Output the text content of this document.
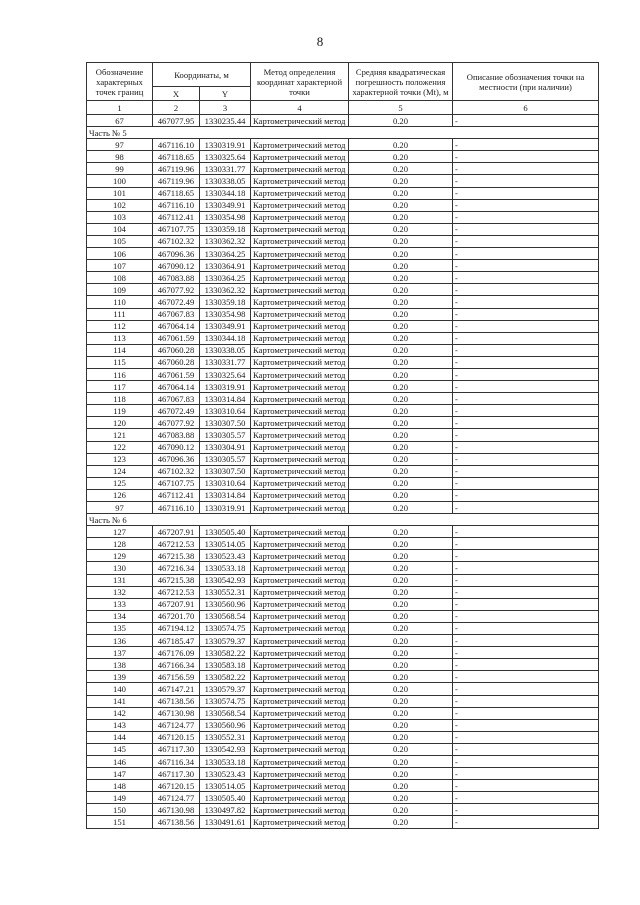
8
Обозначение характерных точек границ	Координаты, м		Метод определения координат характерной точки	Средняя квадратическая погрешность положения характерной точки (Mt), м	Описание обозначения точки на местности (при наличии)
	X	Y			
1	2	3	4	5	6
67	467077.95	1330235.44	Картометрический метод	0.20	-
Часть № 5					
97	467116.10	1330319.91	Картометрический метод	0.20	-
98	467118.65	1330325.64	Картометрический метод	0.20	-
99	467119.96	1330331.77	Картометрический метод	0.20	-
100	467119.96	1330338.05	Картометрический метод	0.20	-
101	467118.65	1330344.18	Картометрический метод	0.20	-
102	467116.10	1330349.91	Картометрический метод	0.20	-
103	467112.41	1330354.98	Картометрический метод	0.20	-
104	467107.75	1330359.18	Картометрический метод	0.20	-
105	467102.32	1330362.32	Картометрический метод	0.20	-
106	467096.36	1330364.25	Картометрический метод	0.20	-
107	467090.12	1330364.91	Картометрический метод	0.20	-
108	467083.88	1330364.25	Картометрический метод	0.20	-
109	467077.92	1330362.32	Картометрический метод	0.20	-
110	467072.49	1330359.18	Картометрический метод	0.20	-
111	467067.83	1330354.98	Картометрический метод	0.20	-
112	467064.14	1330349.91	Картометрический метод	0.20	-
113	467061.59	1330344.18	Картометрический метод	0.20	-
114	467060.28	1330338.05	Картометрический метод	0.20	-
115	467060.28	1330331.77	Картометрический метод	0.20	-
116	467061.59	1330325.64	Картометрический метод	0.20	-
117	467064.14	1330319.91	Картометрический метод	0.20	-
118	467067.83	1330314.84	Картометрический метод	0.20	-
119	467072.49	1330310.64	Картометрический метод	0.20	-
120	467077.92	1330307.50	Картометрический метод	0.20	-
121	467083.88	1330305.57	Картометрический метод	0.20	-
122	467090.12	1330304.91	Картометрический метод	0.20	-
123	467096.36	1330305.57	Картометрический метод	0.20	-
124	467102.32	1330307.50	Картометрический метод	0.20	-
125	467107.75	1330310.64	Картометрический метод	0.20	-
126	467112.41	1330314.84	Картометрический метод	0.20	-
97	467116.10	1330319.91	Картометрический метод	0.20	-
Часть № 6					
127	467207.91	1330505.40	Картометрический метод	0.20	-
128	467212.53	1330514.05	Картометрический метод	0.20	-
129	467215.38	1330523.43	Картометрический метод	0.20	-
130	467216.34	1330533.18	Картометрический метод	0.20	-
131	467215.38	1330542.93	Картометрический метод	0.20	-
132	467212.53	1330552.31	Картометрический метод	0.20	-
133	467207.91	1330560.96	Картометрический метод	0.20	-
134	467201.70	1330568.54	Картометрический метод	0.20	-
135	467194.12	1330574.75	Картометрический метод	0.20	-
136	467185.47	1330579.37	Картометрический метод	0.20	-
137	467176.09	1330582.22	Картометрический метод	0.20	-
138	467166.34	1330583.18	Картометрический метод	0.20	-
139	467156.59	1330582.22	Картометрический метод	0.20	-
140	467147.21	1330579.37	Картометрический метод	0.20	-
141	467138.56	1330574.75	Картометрический метод	0.20	-
142	467130.98	1330568.54	Картометрический метод	0.20	-
143	467124.77	1330560.96	Картометрический метод	0.20	-
144	467120.15	1330552.31	Картометрический метод	0.20	-
145	467117.30	1330542.93	Картометрический метод	0.20	-
146	467116.34	1330533.18	Картометрический метод	0.20	-
147	467117.30	1330523.43	Картометрический метод	0.20	-
148	467120.15	1330514.05	Картометрический метод	0.20	-
149	467124.77	1330505.40	Картометрический метод	0.20	-
150	467130.98	1330497.82	Картометрический метод	0.20	-
151	467138.56	1330491.61	Картометрический метод	0.20	-
